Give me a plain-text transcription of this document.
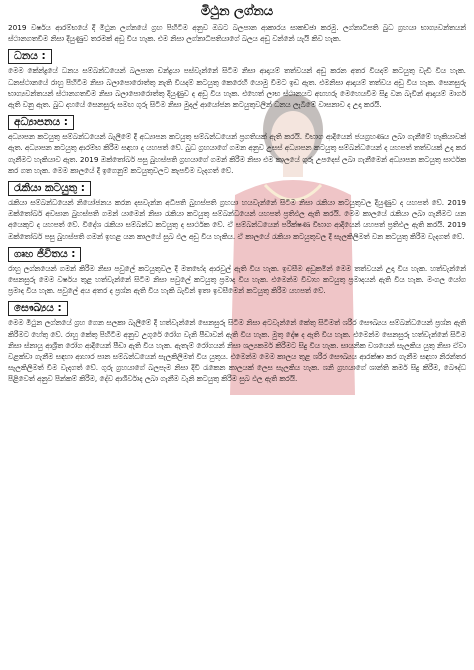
මිථුන ලග්නය

2019 වර්ෂය ආරම්භයේ දී මිථුන ලග්නයේ ග්‍රහ පිහිටීම අනුව ඔබට බලපාන ආකාරය සාකච්ඡා කරමු. ලග්නාධිපති බුධ ග්‍රහයා භාග්‍යවන්තයන් ස්ථානගතවීම නිසා දියුණුව තරමක් අඩු විය හැක. එම නිසා ලග්නාධිපතියාගේ බලය අඩු වන්නේ යැයි කිව හැක.

ධනය :

මෙම කේන්ද්‍රයේ ධනය සම්බන්ධයෙන් බලපාන චන්ද්‍රයා පස්වැන්නේ සිටීම නිසා ආදායම් තත්වයන් අඩු කරන අතර වියදම් කටයුතු වැඩි විය හැක. ධනස්ථානයේ රාහු පිහිටීම නිසා බලාපොරොත්තු නැති වියදම් කටයුතු කෙරෙහි යොමු වීමට ඉඩ ඇත. එමනිසා ආදායම් තත්වය අඩු විය හැක. සෙනසුරු භාග්‍යවන්තයන් ස්ථානගතවීම නිසා බලාපොරොත්තු දියුණුව ද අඩු විය හැක. එහෙත් ලාභ ස්ථානයට අඟහරු මෙහෙයවීම සිදු වන බැවින් ආදායම් මාර්ග ඇති වනු ඇත. බුධ දහයේ සෙනසුරු සමඟ ගුරු සිටීම නිසා මුදල් ආයෝජන කටයුතුවලින් ධනය ලැබීමේ වාසනාව ද උදා කරයි.

අධ්‍යාපනය :

අධ්‍යාපන කටයුතු සම්බන්ධයෙන් බැලීමේ දී අධ්‍යාපන කටයුතු සම්බන්ධයෙන් ප්‍රගතියක් ඇති කරයි. විභාග ආදියෙන් ජයග්‍රහණය ලබා ගැනීමේ හැකියාවක් ඇත. අධ්‍යාපන කටයුතු ආරම්භ කිරීම සඳහා ද යහපත් වේ. බුධ ග්‍රහයාගේ ගමන අනුව උසස් අධ්‍යාපන කටයුතු සම්බන්ධයෙන් ද යහපත් තත්වයක් උදා කර ගැනීමට හැකියාව ඇත. 2019 ඔක්තෝබර් පසු බුහස්පති ග්‍රහයාගේ ගමන් කිරීම නිසා එම කාලයේ ගුරු උපදෙස් ලබා ගැනීමෙන් අධ්‍යාපන කටයුතු සාර්ථක කර ගත හැක. මෙම කාලයේ දී ඉගෙනුම් කටයුතුවලට කැපවීම වැදගත් වේ.

රැකියා කටයුතු :

රැකියා සම්බන්ධයෙන් නියෝජනය කරන දසවැන්න අධිපති බුහස්පති ග්‍රහයා හයවැන්නේ සිටීම නිසා රැකියා කටයුතුවල දියුණුව ද යහපත් වේ. 2019 ඔක්තෝබර් අවසාන බුහස්පති ගමන් යාමෙන් නිසා රැකියා කටයුතු සම්බන්ධයෙන් යහපත් ප්‍රතිඵල ඇති කරයි. මෙම කාලයේ රැකියා ලබා ගැනීමට යන අයෙකුට ද යහපත් වේ. විදේශ රැකියා සම්බන්ධ කටයුතු ද සාර්ථක වේ. ඒ සම්බන්ධයෙන් පරීක්ෂණ විභාග ආදියෙන් යහපත් ප්‍රතිඵල ඇති කරයි. 2019 ඔක්තෝබර් පසු බුහස්පති ගමන් ඉහළ යන කාලයේ සුබ ඵල අඩු විය හැකිය. ඒ කාලයේ රැකියා කටයුතුවල දී සැලකිලිමත් වන කටයුතු කිරීම වැදගත් වේ.

ගෘහ ජිවිතය :

රාහු ලග්නයෙන් ගමන් කිරීම නිසා පවුලේ කටයුතුවල දී මතභේද ආරවුල් ඇති විය හැක. ඉවසීම අඩුකමින් මෙම තත්වයන් උදා විය හැක. හත්වැන්නේ සෙනසුරු මෙම වර්ෂය තුළ හත්වැන්නේ සිටීම නිසා පවුලේ කටයුතු ප්‍රමාද විය හැක. එමෙන්ම විවාහ කටයුතු ප්‍රමාදයන් ඇති විය හැක. මංගල යෝග ප්‍රමාද විය හැක. පවුලේ අය අතර ද ප්‍රශ්න ඇති විය හැකි බැවින් ඉතා ඉවසීමෙන් කටයුතු කිරීම යහපත් වේ.

සෞඛ්‍යය :

මෙම මිථුන ලග්නයේ ග්‍රහ ගෙන සලකා බැලීමේ දී හත්වැන්නේ සෙනසුරු සිටීම නිසා අටවැන්නේ කේතු සිටීමත් ශරීර සෞඛ්‍යය සම්බන්ධයෙන් ප්‍රශ්න ඇති කිරීමට හේතු වේ. රාහු කේතු පිහිටීම අනුව උගුරේ රෝග වැනි පීඩාවන් ඇති විය හැක. මුතු දෝෂ ද ඇති විය හැක. එමෙන්ම සෙනසුරු හත්වැන්නේ සිටීම නිසා ස්නායු ආශ්‍රිත රෝග ආදියෙන් පීඩා ඇති විය හැක. ඇතැම් රෝගයන් නිසා ශල්‍යකර්ම කිරීමට සිදු විය හැක. සායනික වශයෙන් සැලකිය යුතු නිසා ඒවා වළක්වා ගැනීම සඳහා ආහාර පාන සම්බන්ධයෙන් සැලකිලිමත් විය යුතුය. එමෙන්ම මෙම කාලය තුළ ශරීර සෞඛ්‍යය ආරක්ෂා කර ගැනීම සඳහා නිරන්තර සැලකිලිමත් වීම වැදගත් වේ. ගුරු ග්‍රහයාගේ බලපෑම නිසා දිවි රැකෙන කාලයක් ලෙස සැලකිය හැක. ශනි ග්‍රහයාගේ ශාන්ති කර්ම සිදු කිරීම, බෞද්ධ පිළිවෙත් අනුව පින්කම් කිරීම, දේව ආශිර්වාද ලබා ගැනීම වැනි කටයුතු කිරීම සුබ ඵල ඇති කරයි.
